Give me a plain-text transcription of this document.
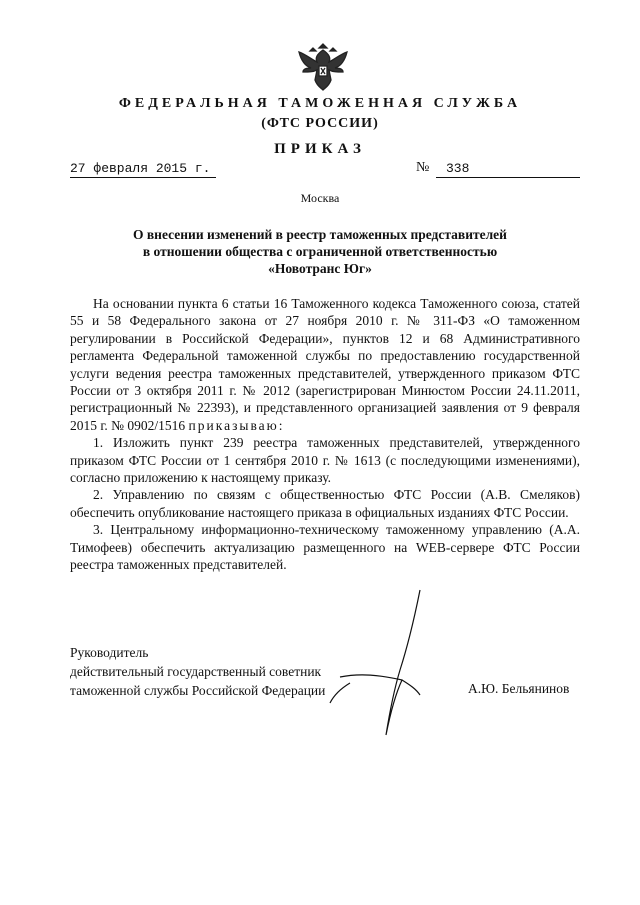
ФЕДЕРАЛЬНАЯ ТАМОЖЕННАЯ СЛУЖБА
(ФТС РОССИИ)
ПРИКАЗ
27 февраля 2015 г.	№	338
Москва
О внесении изменений в реестр таможенных представителей
в отношении общества с ограниченной ответственностью
«Новотранс Юг»

На основании пункта 6 статьи 16 Таможенного кодекса Таможенного союза, статей 55 и 58 Федерального закона от 27 ноября 2010 г. № 311-ФЗ «О таможенном регулировании в Российской Федерации», пунктов 12 и 68 Административного регламента Федеральной таможенной службы по предоставлению государственной услуги ведения реестра таможенных представителей, утвержденного приказом ФТС России от 3 октября 2011 г. № 2012 (зарегистрирован Минюстом России 24.11.2011, регистрационный № 22393), и представленного организацией заявления от 9 февраля 2015 г. № 0902/1516 приказываю:

1. Изложить пункт 239 реестра таможенных представителей, утвержденного приказом ФТС России от 1 сентября 2010 г. № 1613 (с последующими изменениями), согласно приложению к настоящему приказу.

2. Управлению по связям с общественностью ФТС России (А.В. Смеляков) обеспечить опубликование настоящего приказа в официальных изданиях ФТС России.

3. Центральному информационно-техническому таможенному управлению (А.А. Тимофеев) обеспечить актуализацию размещенного на WEB-сервере ФТС России реестра таможенных представителей.

Руководитель
действительный государственный советник
таможенной службы Российской Федерации	А.Ю. Бельянинов
